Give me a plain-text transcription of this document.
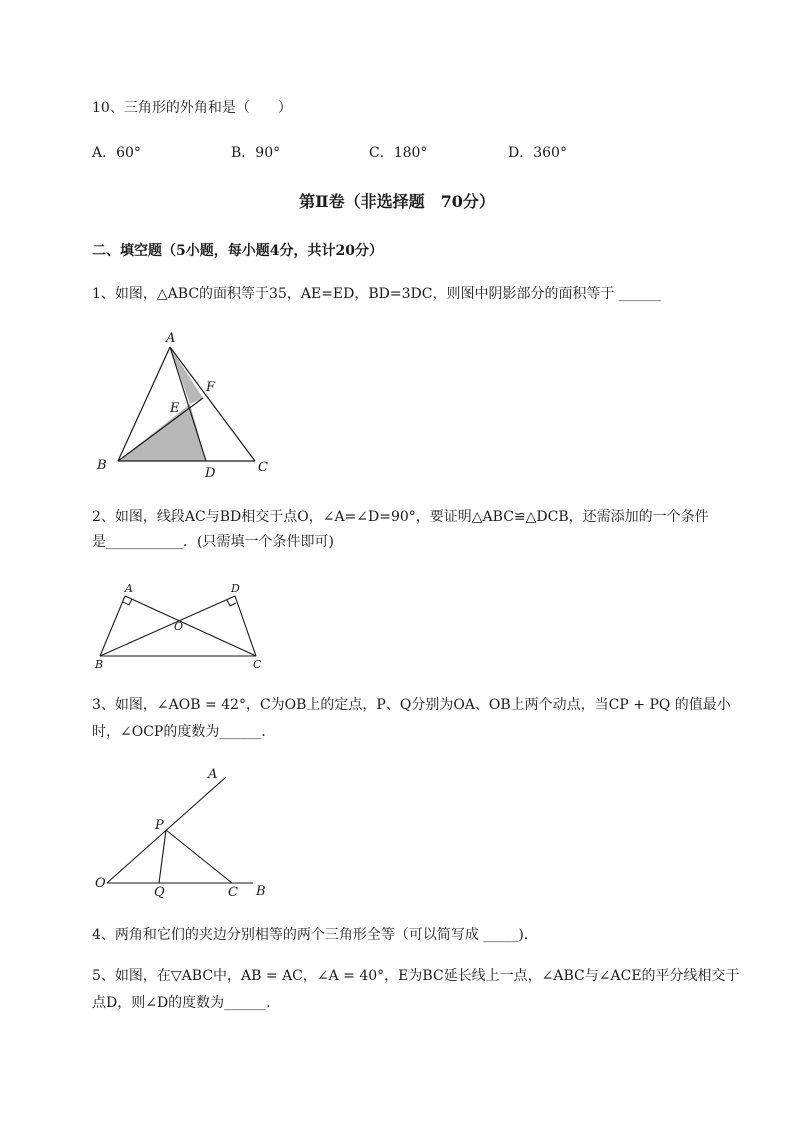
10、三角形的外角和是（　　）
A．60°	B．90°	C．180°	D．360°
第Ⅱ卷（非选择题　70分）
二、填空题（5小题，每小题4分，共计20分）
1、如图，△ABC的面积等于35，AE=ED，BD=3DC，则图中阴影部分的面积等于 ______
A
F
E
B
D	C
2、如图，线段AC与BD相交于点O，∠A=∠D=90°，要证明△ABC≌△DCB，还需添加的一个条件
是___________．(只需填一个条件即可)
A	D
O
B	C
3、如图，∠AOB = 42°，C为OB上的定点，P、Q分别为OA、OB上两个动点，当CP + PQ 的值最小
时，∠OCP的度数为______．
A
P
O
Q	C B
4、两角和它们的夹边分别相等的两个三角形全等（可以简写成 _____)．
5、如图，在▽ABC中，AB = AC，∠A = 40°，E为BC延长线上一点，∠ABC与∠ACE的平分线相交于
点D，则∠D的度数为______．
